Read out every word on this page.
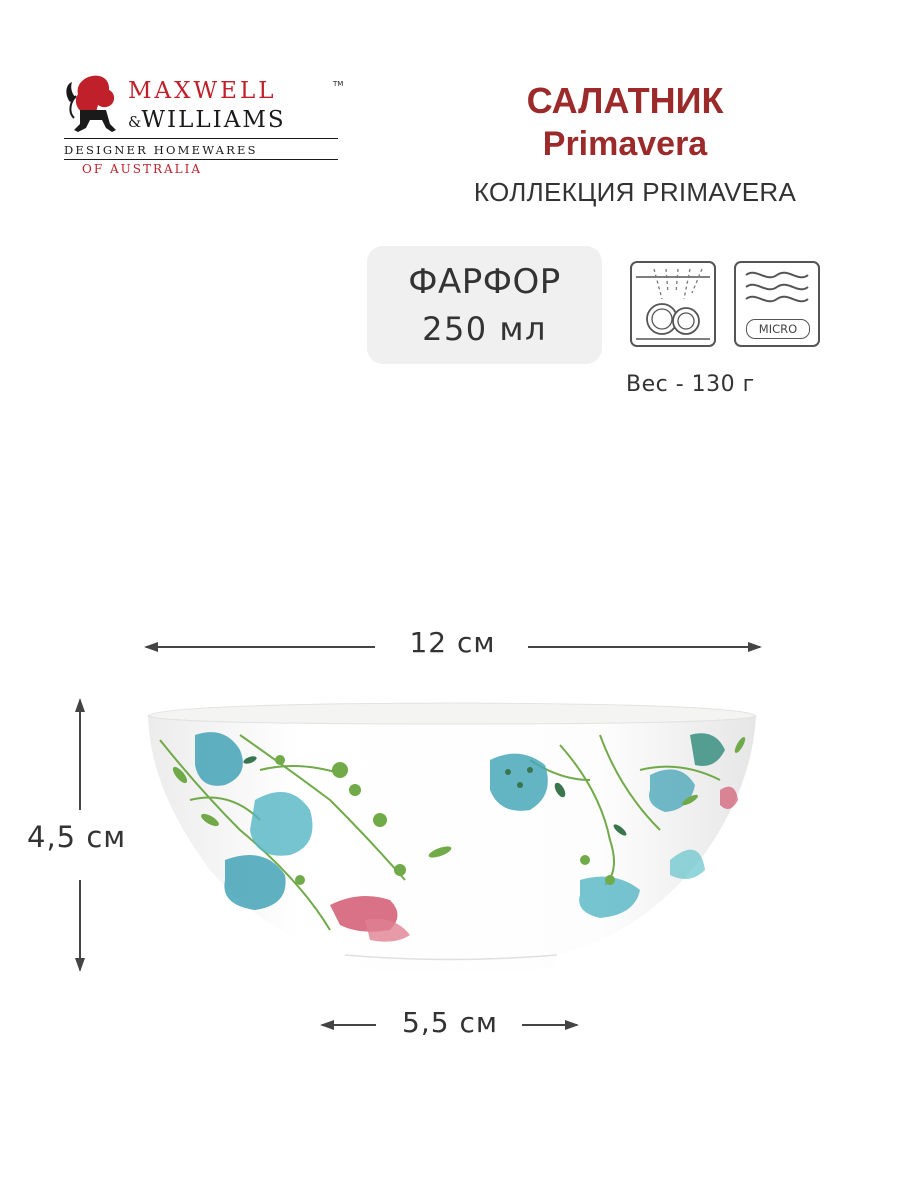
MAXWELL	TM
&WILLIAMS
DESIGNER HOMEWARES
OF AUSTRALIA
САЛАТНИК
Primavera
КОЛЛЕКЦИЯ PRIMAVERA
ФАРФОР
250 мл	MICRO
Вес - 130 г
12 см
4,5 см
5,5 см
